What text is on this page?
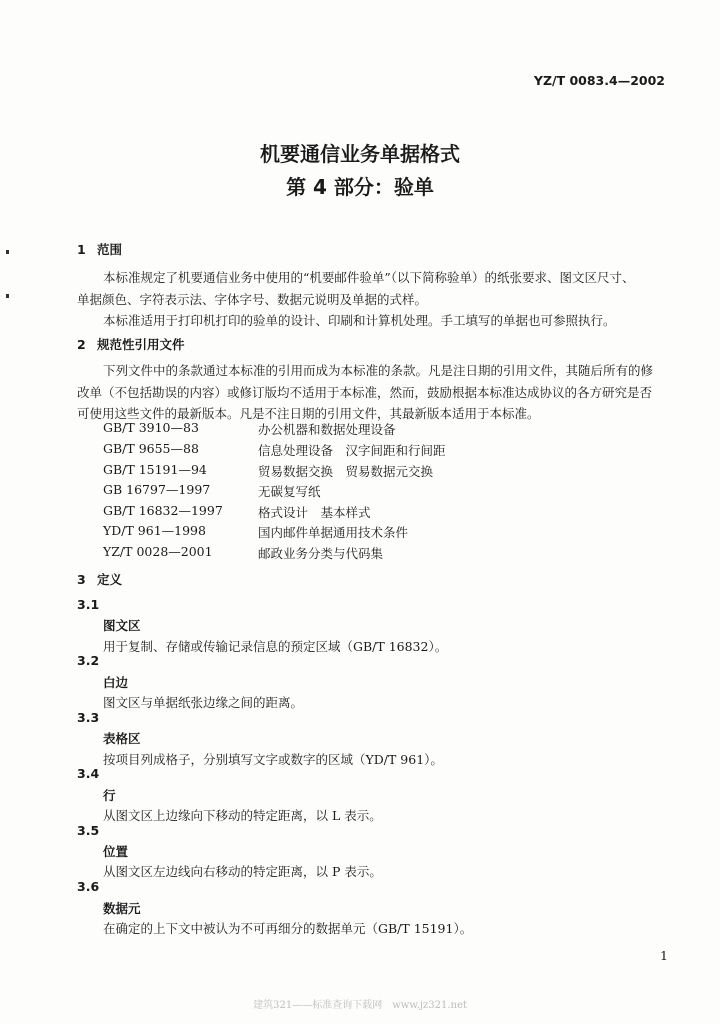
YZ/T 0083.4—2002
机要通信业务单据格式
第 4 部分：验单
1 范围
本标准规定了机要通信业务中使用的“机要邮件验单”（以下简称验单）的纸张要求、图文区尺寸、
单据颜色、字符表示法、字体字号、数据元说明及单据的式样。
本标准适用于打印机打印的验单的设计、印刷和计算机处理。手工填写的单据也可参照执行。
2 规范性引用文件
下列文件中的条款通过本标准的引用而成为本标准的条款。凡是注日期的引用文件，其随后所有的修
改单（不包括勘误的内容）或修订版均不适用于本标准，然而，鼓励根据本标准达成协议的各方研究是否
可使用这些文件的最新版本。凡是不注日期的引用文件，其最新版本适用于本标准。
GB/T 3910—83	办公机器和数据处理设备
GB/T 9655—88	信息处理设备　汉字间距和行间距
GB/T 15191—94	贸易数据交换　贸易数据元交换
GB 16797—1997	无碳复写纸
GB/T 16832—1997	格式设计　基本样式
YD/T 961—1998	国内邮件单据通用技术条件
YZ/T 0028—2001	邮政业务分类与代码集
3 定义
3.1
图文区
用于复制、存储或传输记录信息的预定区域（GB/T 16832）。
3.2
白边
图文区与单据纸张边缘之间的距离。
3.3
表格区
按项目列成格子，分别填写文字或数字的区域（YD/T 961）。
3.4
行
从图文区上边缘向下移动的特定距离，以 L 表示。
3.5
位置
从图文区左边线向右移动的特定距离，以 P 表示。
3.6
数据元
在确定的上下文中被认为不可再细分的数据单元（GB/T 15191）。
1
建筑321——标准查询下载网　www.jz321.net
